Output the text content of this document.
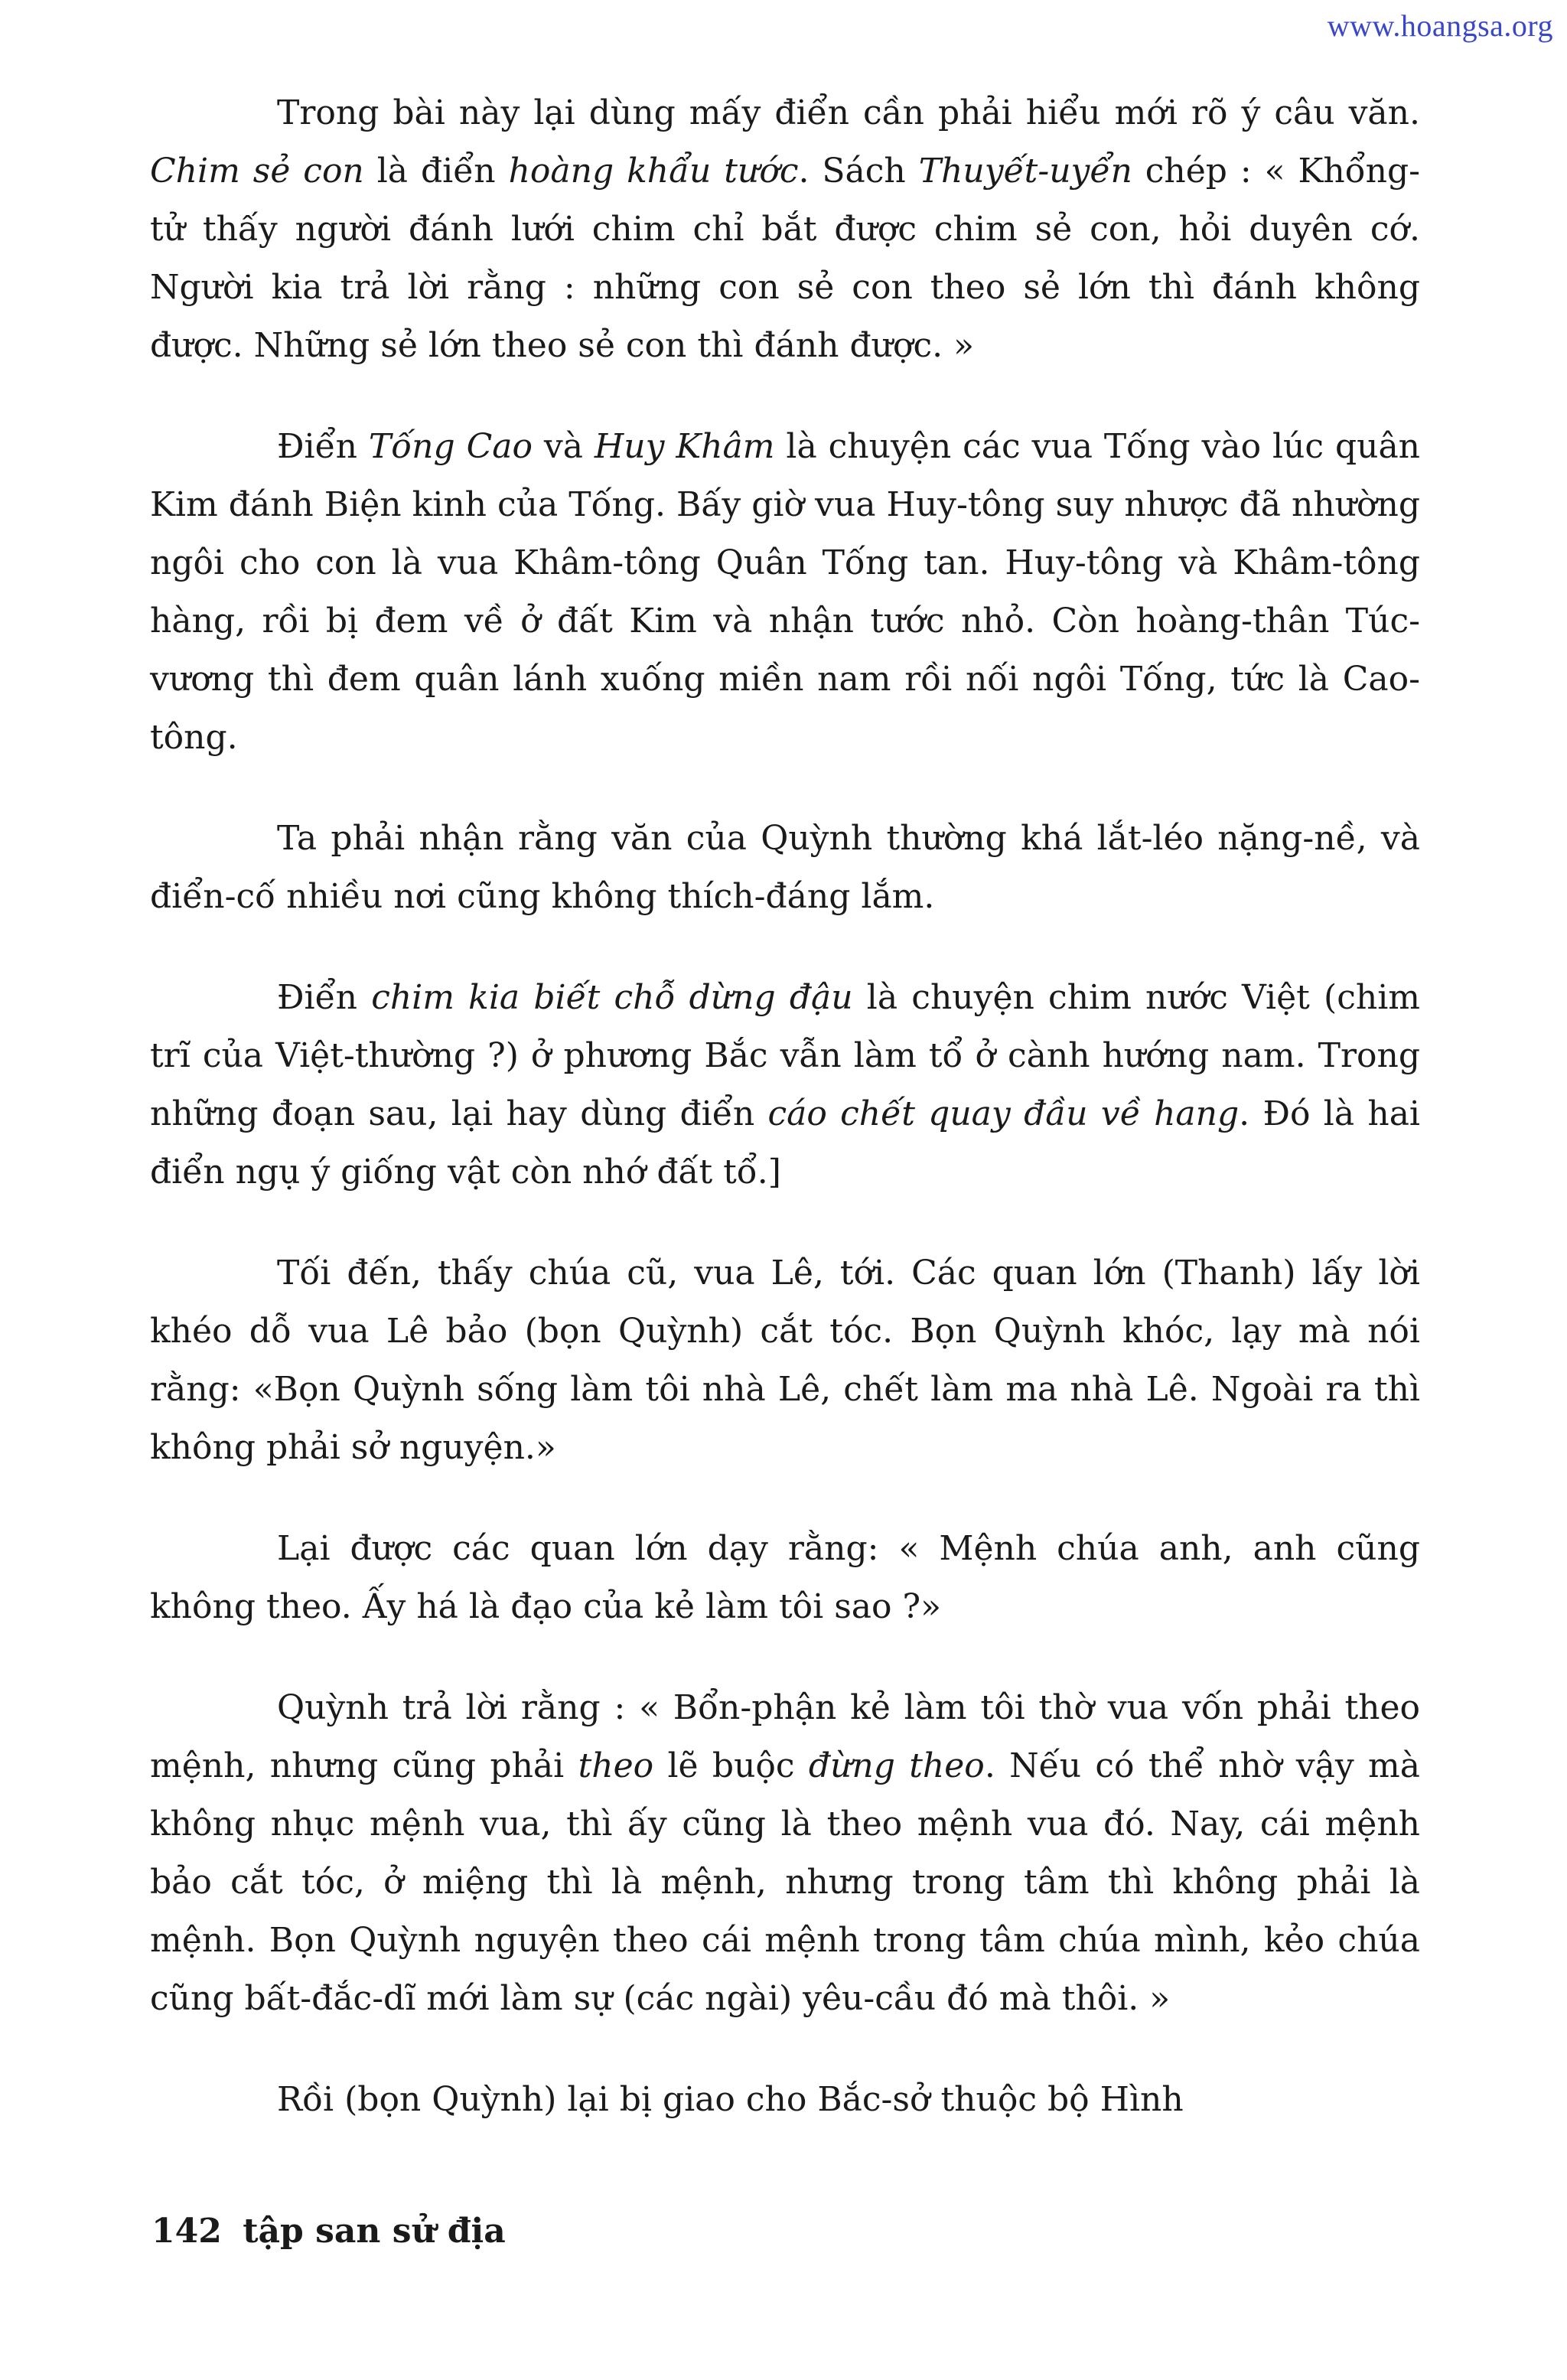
www.hoangsa.org

Trong bài này lại dùng mấy điển cần phải hiểu mới rõ ý câu văn. Chim sẻ con là điển hoàng khẩu tước. Sách Thuyết-uyển chép : « Khổng-tử thấy người đánh lưới chim chỉ bắt được chim sẻ con, hỏi duyên cớ. Người kia trả lời rằng : những con sẻ con theo sẻ lớn thì đánh không được. Những sẻ lớn theo sẻ con thì đánh được. »

Điển Tống Cao và Huy Khâm là chuyện các vua Tống vào lúc quân Kim đánh Biện kinh của Tống. Bấy giờ vua Huy-tông suy nhược đã nhường ngôi cho con là vua Khâm-tông Quân Tống tan. Huy-tông và Khâm-tông hàng, rồi bị đem về ở đất Kim và nhận tước nhỏ. Còn hoàng-thân Túc-vương thì đem quân lánh xuống miền nam rồi nối ngôi Tống, tức là Cao-tông.

Ta phải nhận rằng văn của Quỳnh thường khá lắt-léo nặng-nề, và điển-cố nhiều nơi cũng không thích-đáng lắm.

Điển chim kia biết chỗ dừng đậu là chuyện chim nước Việt (chim trĩ của Việt-thường ?) ở phương Bắc vẫn làm tổ ở cành hướng nam. Trong những đoạn sau, lại hay dùng điển cáo chết quay đầu về hang. Đó là hai điển ngụ ý giống vật còn nhớ đất tổ.]

Tối đến, thấy chúa cũ, vua Lê, tới. Các quan lớn (Thanh) lấy lời khéo dỗ vua Lê bảo (bọn Quỳnh) cắt tóc. Bọn Quỳnh khóc, lạy mà nói rằng: «Bọn Quỳnh sống làm tôi nhà Lê, chết làm ma nhà Lê. Ngoài ra thì không phải sở nguyện.»

Lại được các quan lớn dạy rằng: « Mệnh chúa anh, anh cũng không theo. Ấy há là đạo của kẻ làm tôi sao ?»

Quỳnh trả lời rằng : « Bổn-phận kẻ làm tôi thờ vua vốn phải theo mệnh, nhưng cũng phải theo lẽ buộc đừng theo. Nếu có thể nhờ vậy mà không nhục mệnh vua, thì ấy cũng là theo mệnh vua đó. Nay, cái mệnh bảo cắt tóc, ở miệng thì là mệnh, nhưng trong tâm thì không phải là mệnh. Bọn Quỳnh nguyện theo cái mệnh trong tâm chúa mình, kẻo chúa cũng bất-đắc-dĩ mới làm sự (các ngài) yêu-cầu đó mà thôi. »

Rồi (bọn Quỳnh) lại bị giao cho Bắc-sở thuộc bộ Hình

142 tập san sử địa
